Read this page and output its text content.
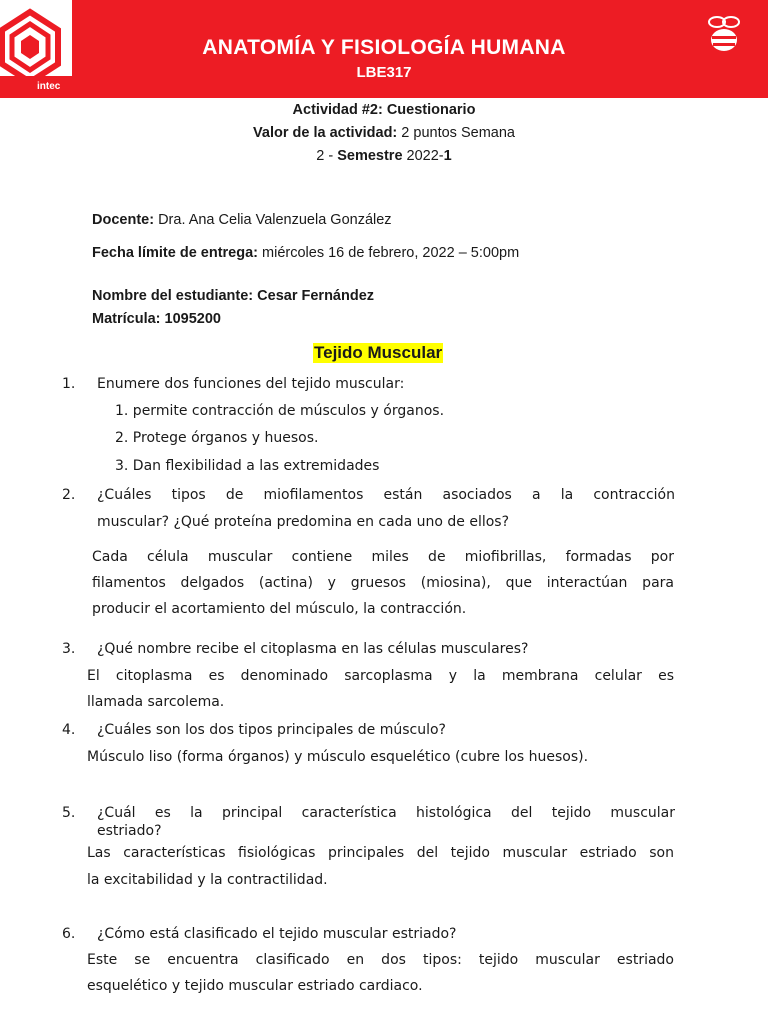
intec
ANATOMÍA Y FISIOLOGÍA HUMANA
LBE317
Actividad #2: Cuestionario
Valor de la actividad: 2 puntos Semana
2 - Semestre 2022-1
Docente: Dra. Ana Celia Valenzuela González
Fecha límite de entrega: miércoles 16 de febrero, 2022 – 5:00pm
Nombre del estudiante: Cesar Fernández
Matrícula: 1095200
Tejido Muscular
1. Enumere dos funciones del tejido muscular:
1. permite contracción de músculos y órganos.
2. Protege órganos y huesos.
3. Dan flexibilidad a las extremidades
2. ¿Cuáles tipos de miofilamentos están asociados a la contracción
muscular? ¿Qué proteína predomina en cada uno de ellos?
Cada célula muscular contiene miles de miofibrillas, formadas por
filamentos delgados (actina) y gruesos (miosina), que interactúan para
producir el acortamiento del músculo, la contracción.
3. ¿Qué nombre recibe el citoplasma en las células musculares?
El citoplasma es denominado sarcoplasma y la membrana celular es
llamada sarcolema.
4. ¿Cuáles son los dos tipos principales de músculo?
Músculo liso (forma órganos) y músculo esquelético (cubre los huesos).
5. ¿Cuál es la principal característica histológica del tejido muscular
estriado?
Las características fisiológicas principales del tejido muscular estriado son
la excitabilidad y la contractilidad.
6. ¿Cómo está clasificado el tejido muscular estriado?
Este se encuentra clasificado en dos tipos: tejido muscular estriado
esquelético y tejido muscular estriado cardiaco.
